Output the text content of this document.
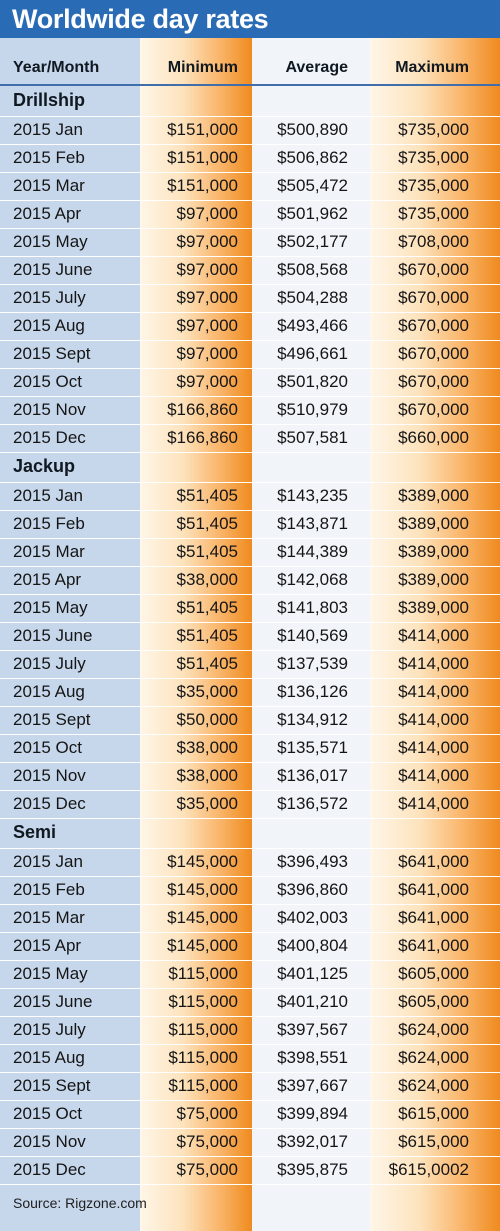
Worldwide day rates
Year/Month	Minimum	Average	Maximum
Drillship
2015 Jan	$151,000	$500,890	$735,000
2015 Feb	$151,000	$506,862	$735,000
2015 Mar	$151,000	$505,472	$735,000
2015 Apr	$97,000	$501,962	$735,000
2015 May	$97,000	$502,177	$708,000
2015 June	$97,000	$508,568	$670,000
2015 July	$97,000	$504,288	$670,000
2015 Aug	$97,000	$493,466	$670,000
2015 Sept	$97,000	$496,661	$670,000
2015 Oct	$97,000	$501,820	$670,000
2015 Nov	$166,860	$510,979	$670,000
2015 Dec	$166,860	$507,581	$660,000
Jackup
2015 Jan	$51,405	$143,235	$389,000
2015 Feb	$51,405	$143,871	$389,000
2015 Mar	$51,405	$144,389	$389,000
2015 Apr	$38,000	$142,068	$389,000
2015 May	$51,405	$141,803	$389,000
2015 June	$51,405	$140,569	$414,000
2015 July	$51,405	$137,539	$414,000
2015 Aug	$35,000	$136,126	$414,000
2015 Sept	$50,000	$134,912	$414,000
2015 Oct	$38,000	$135,571	$414,000
2015 Nov	$38,000	$136,017	$414,000
2015 Dec	$35,000	$136,572	$414,000
Semi
2015 Jan	$145,000	$396,493	$641,000
2015 Feb	$145,000	$396,860	$641,000
2015 Mar	$145,000	$402,003	$641,000
2015 Apr	$145,000	$400,804	$641,000
2015 May	$115,000	$401,125	$605,000
2015 June	$115,000	$401,210	$605,000
2015 July	$115,000	$397,567	$624,000
2015 Aug	$115,000	$398,551	$624,000
2015 Sept	$115,000	$397,667	$624,000
2015 Oct	$75,000	$399,894	$615,000
2015 Nov	$75,000	$392,017	$615,000
2015 Dec	$75,000	$395,875	$615,0002
Source: Rigzone.com
